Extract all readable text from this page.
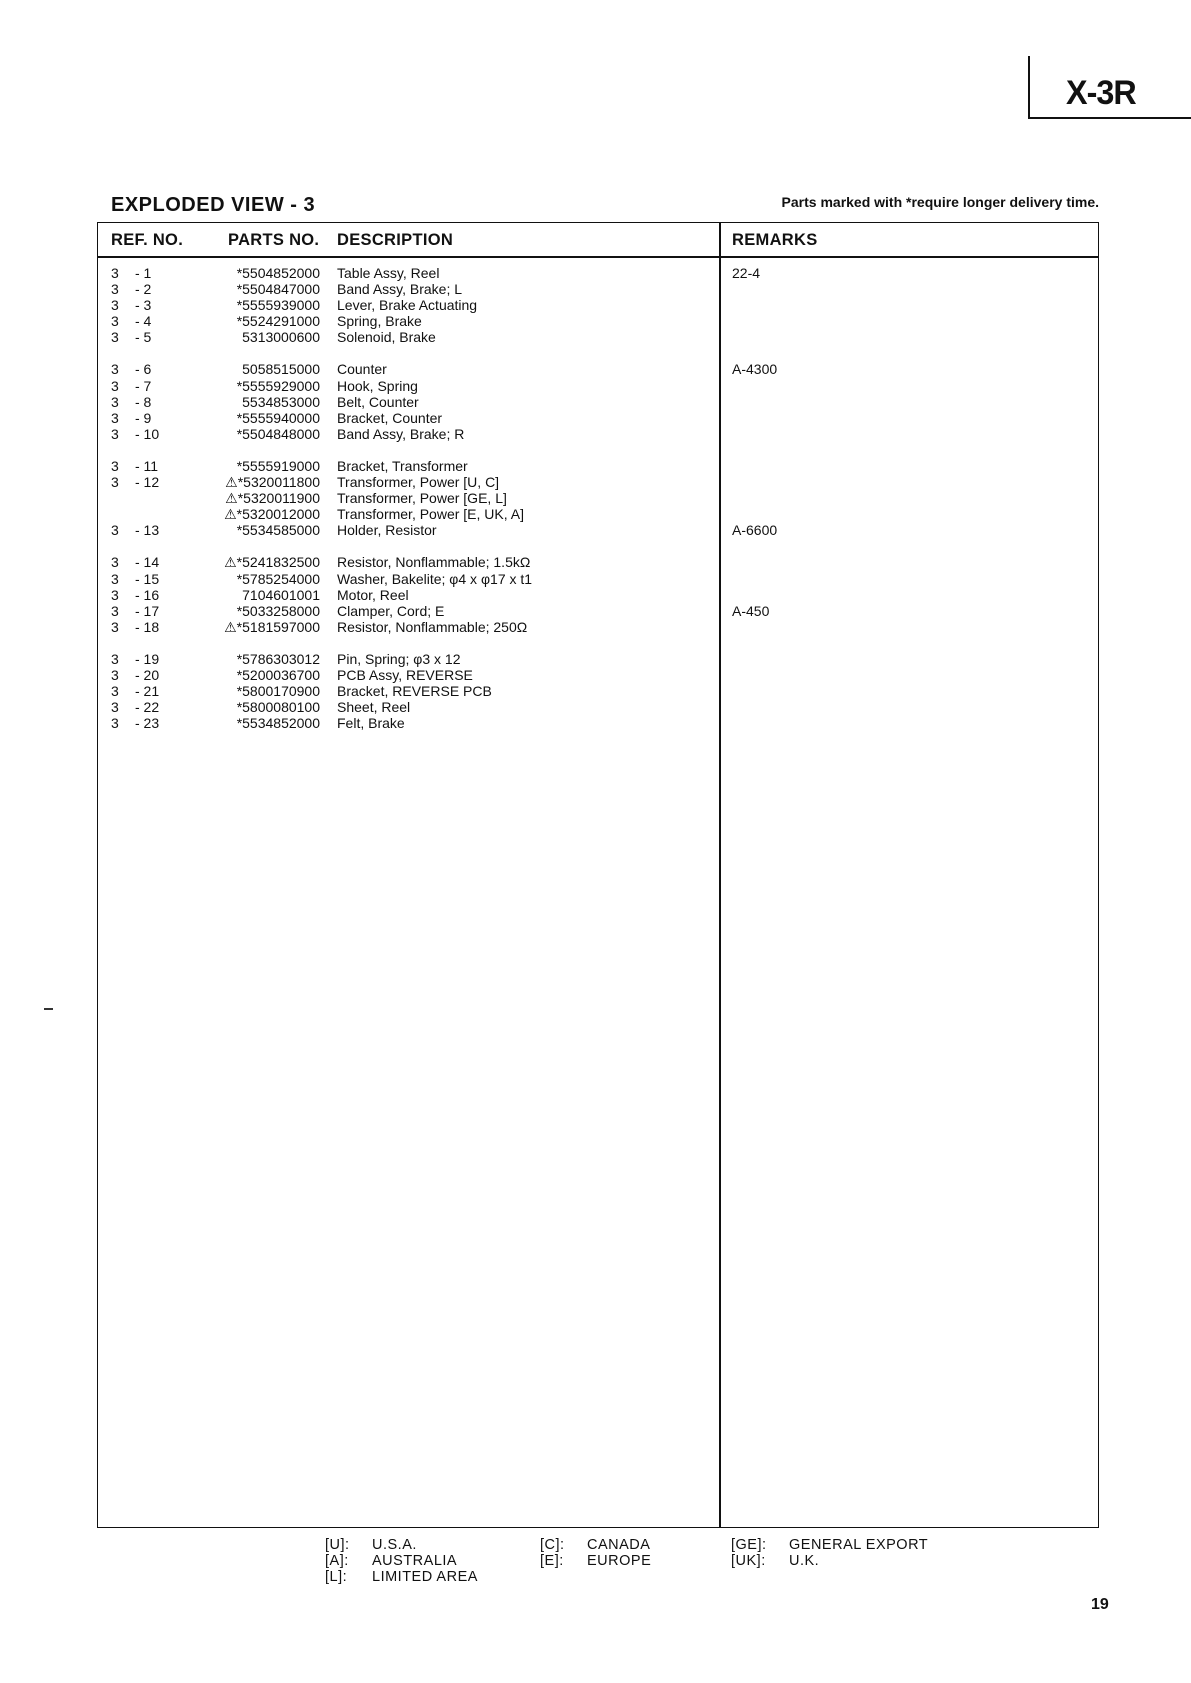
X-3R
EXPLODED VIEW - 3	Parts marked with *require longer delivery time.
REF. NO.	PARTS NO. DESCRIPTION	REMARKS
3 - 1	*5504852000 Table Assy, Reel	22-4
3 - 2	*5504847000 Band Assy, Brake; L
3 - 3	*5555939000 Lever, Brake Actuating
3 - 4	*5524291000 Spring, Brake
3 - 5	5313000600 Solenoid, Brake
3 - 6	5058515000 Counter	A-4300
3 - 7	*5555929000 Hook, Spring
3 - 8	5534853000 Belt, Counter
3 - 9	*5555940000 Bracket, Counter
3 - 10	*5504848000 Band Assy, Brake; R
3 - 11	*5555919000 Bracket, Transformer
3 - 12	⚠*5320011800 Transformer, Power [U, C]
⚠*5320011900 Transformer, Power [GE, L]
⚠*5320012000 Transformer, Power [E, UK, A]
3 - 13	*5534585000 Holder, Resistor	A-6600
3 - 14	⚠*5241832500 Resistor, Nonflammable; 1.5kΩ
3 - 15	*5785254000 Washer, Bakelite; φ4 x φ17 x t1
3 - 16	7104601001 Motor, Reel
3 - 17	*5033258000 Clamper, Cord; E	A-450
3 - 18	⚠*5181597000 Resistor, Nonflammable; 250Ω
3 - 19	*5786303012 Pin, Spring; φ3 x 12
3 - 20	*5200036700 PCB Assy, REVERSE
3 - 21	*5800170900 Bracket, REVERSE PCB
3 - 22	*5800080100 Sheet, Reel
3 - 23	*5534852000 Felt, Brake
[U]: U.S.A.
[A]: AUSTRALIA
[L]: LIMITED AREA
[C]: CANADA
[E]: EUROPE
[GE]: GENERAL EXPORT
[UK]: U.K.
19
